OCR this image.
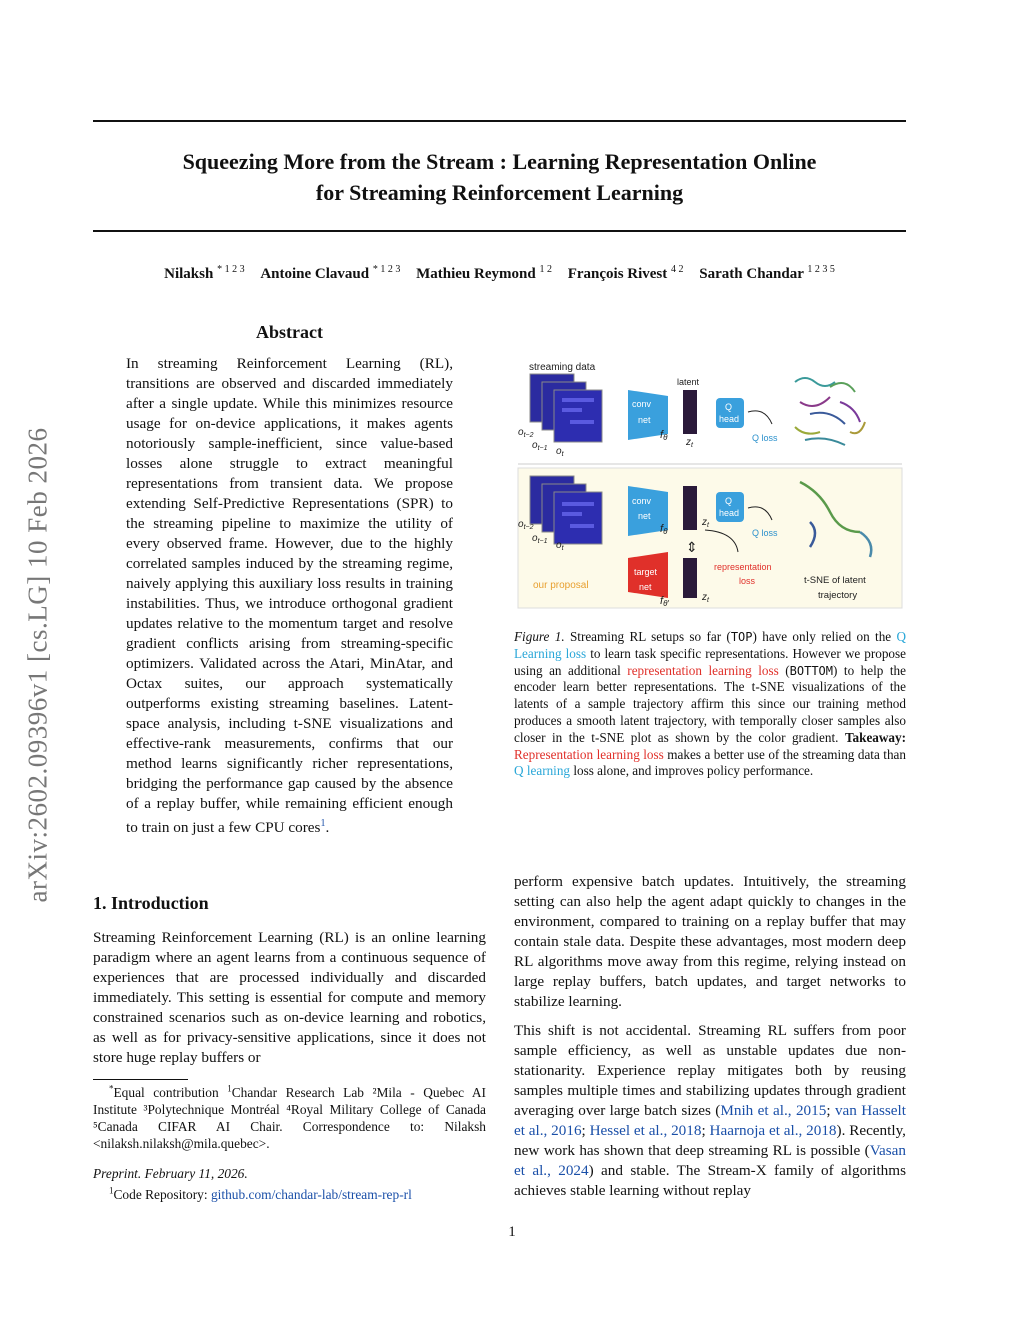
Squeezing More from the Stream : Learning Representation Online
for Streaming Reinforcement Learning
Nilaksh $^{* 1 2 3}$ Antoine Clavaud $^{* 1 2 3}$ Mathieu Reymond $^{1 2}$ François Rivest $^{4 2}$ Sarath Chandar $^{1 2 3 5}$
arXiv:2602.09396v1 [cs.LG] 10 Feb 2026
Abstract
In streaming Reinforcement Learning (RL), transitions are observed and discarded immediately after a single update. While this minimizes resource usage for on-device applications, it makes agents notoriously sample-inefficient, since value-based losses alone struggle to extract meaningful representations from transient data. We propose extending Self-Predictive Representations (SPR) to the streaming pipeline to maximize the utility of every observed frame. However, due to the highly correlated samples induced by the streaming regime, naively applying this auxiliary loss results in training instabilities. Thus, we introduce orthogonal gradient updates relative to the momentum target and resolve gradient conflicts arising from streaming-specific optimizers. Validated across the Atari, MinAtar, and Octax suites, our approach systematically outperforms existing streaming baselines. Latent-space analysis, including t-SNE visualizations and effective-rank measurements, confirms that our method learns significantly richer representations, bridging the performance gap caused by the absence of a replay buffer, while remaining efficient enough to train on just a few CPU cores$^1$.
1. Introduction
Streaming Reinforcement Learning (RL) is an online learning paradigm where an agent learns from a continuous sequence of experiences that are processed individually and discarded immediately. This setting is essential for compute and memory constrained scenarios such as on-device learning and robotics, as well as for privacy-sensitive applications, since it does not store huge replay buffers or
*Equal contribution $^1$Chandar Research Lab ²Mila - Quebec AI Institute ³Polytechnique Montréal ⁴Royal Military College of Canada ⁵Canada CIFAR AI Chair. Correspondence to: Nilaksh <nilaksh.nilaksh@mila.quebec>.
Preprint. February 11, 2026.
$^1$Code Repository: github.com/chandar-lab/stream-rep-rl
perform expensive batch updates. Intuitively, the streaming setting can also help the agent adapt quickly to changes in the environment, compared to training on a replay buffer that may contain stale data. Despite these advantages, most modern deep RL algorithms move away from this regime, relying instead on large replay buffers, batch updates, and target networks to stabilize learning.
This shift is not accidental. Streaming RL suffers from poor sample efficiency, as well as unstable updates due non-stationarity. Experience replay mitigates both by reusing samples multiple times and stabilizing updates through gradient averaging over large batch sizes (Mnih et al., 2015; van Hasselt et al., 2016; Hessel et al., 2018; Haarnoja et al., 2018). Recently, new work has shown that deep streaming RL is possible (Vasan et al., 2024) and stable. The Stream-X family of algorithms achieves stable learning without replay
streaming data
$o_{t-2}$
$o_{t-1}$ $o_t$
conv
net
fθ
latent
$z_t$
Q
head
Q loss
$o_{t-2}$
$o_{t-1}$ $o_t$
conv
net
fθ
$z_t$
Q
head
Q loss
⇕
target
net
fθ′
$z_t$
representation
loss
our proposal	t-SNE of latent
trajectory
Figure 1. Streaming RL setups so far (TOP) have only relied on the Q Learning loss to learn task specific representations. However we propose using an additional representation learning loss (BOTTOM) to help the encoder learn better representations. The t-SNE visualizations of the latents of a sample trajectory affirm this since our training method produces a smooth latent trajectory, with temporally closer samples also closer in the t-SNE plot as shown by the color gradient. Takeaway: Representation learning loss makes a better use of the streaming data than Q learning loss alone, and improves policy performance.
1
